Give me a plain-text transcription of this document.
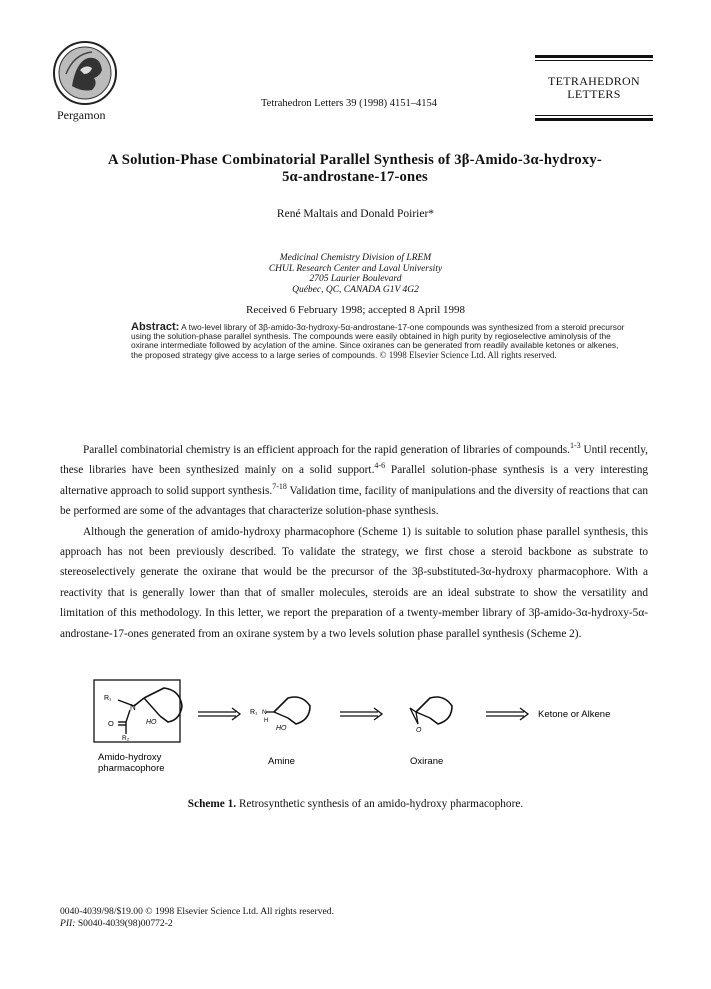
Pergamon
Tetrahedron Letters 39 (1998) 4151–4154
TETRAHEDRON
LETTERS
A Solution-Phase Combinatorial Parallel Synthesis of 3β-Amido-3α-hydroxy-
5α-androstane-17-ones
René Maltais and Donald Poirier*
Medicinal Chemistry Division of LREM
CHUL Research Center and Laval University
2705 Laurier Boulevard
Québec, QC, CANADA G1V 4G2
Received 6 February 1998; accepted 8 April 1998
Abstract: A two-level library of 3β-amido-3α-hydroxy-5α-androstane-17-one compounds was synthesized from a steroid precursor using the solution-phase parallel synthesis. The compounds were easily obtained in high purity by regioselective aminolysis of the oxirane intermediate followed by acylation of the amine. Since oxiranes can be generated from readily available ketones or alkenes, the proposed strategy give access to a large series of compounds. © 1998 Elsevier Science Ltd. All rights reserved.

Parallel combinatorial chemistry is an efficient approach for the rapid generation of libraries of compounds.$^{1-3}$ Until recently, these libraries have been synthesized mainly on a solid support.$^{4-6}$ Parallel solution-phase synthesis is a very interesting alternative approach to solid support synthesis.$^{7-18}$ Validation time, facility of manipulations and the diversity of reactions that can be performed are some of the advantages that characterize solution-phase synthesis.

Although the generation of amido-hydroxy pharmacophore (Scheme 1) is suitable to solution phase parallel synthesis, this approach has not been previously described. To validate the strategy, we first chose a steroid backbone as substrate to stereoselectively generate the oxirane that would be the precursor of the 3β-substituted-3α-hydroxy pharmacophore. With a reactivity that is generally lower than that of smaller molecules, steroids are an ideal substrate to show the versatility and limitation of this methodology. In this letter, we report the preparation of a twenty-member library of 3β-amido-3α-hydroxy-5α-androstane-17-ones generated from an oxirane system by a two levels solution phase parallel synthesis (Scheme 2).

R₁
N
O	HO
R₂
R₁ N
H
HO	O
Ketone or Alkene
Amido-hydroxy
pharmacophore
Amine	Oxirane
Scheme 1. Retrosynthetic synthesis of an amido-hydroxy pharmacophore.
0040-4039/98/$19.00 © 1998 Elsevier Science Ltd. All rights reserved.
PII: S0040-4039(98)00772-2
